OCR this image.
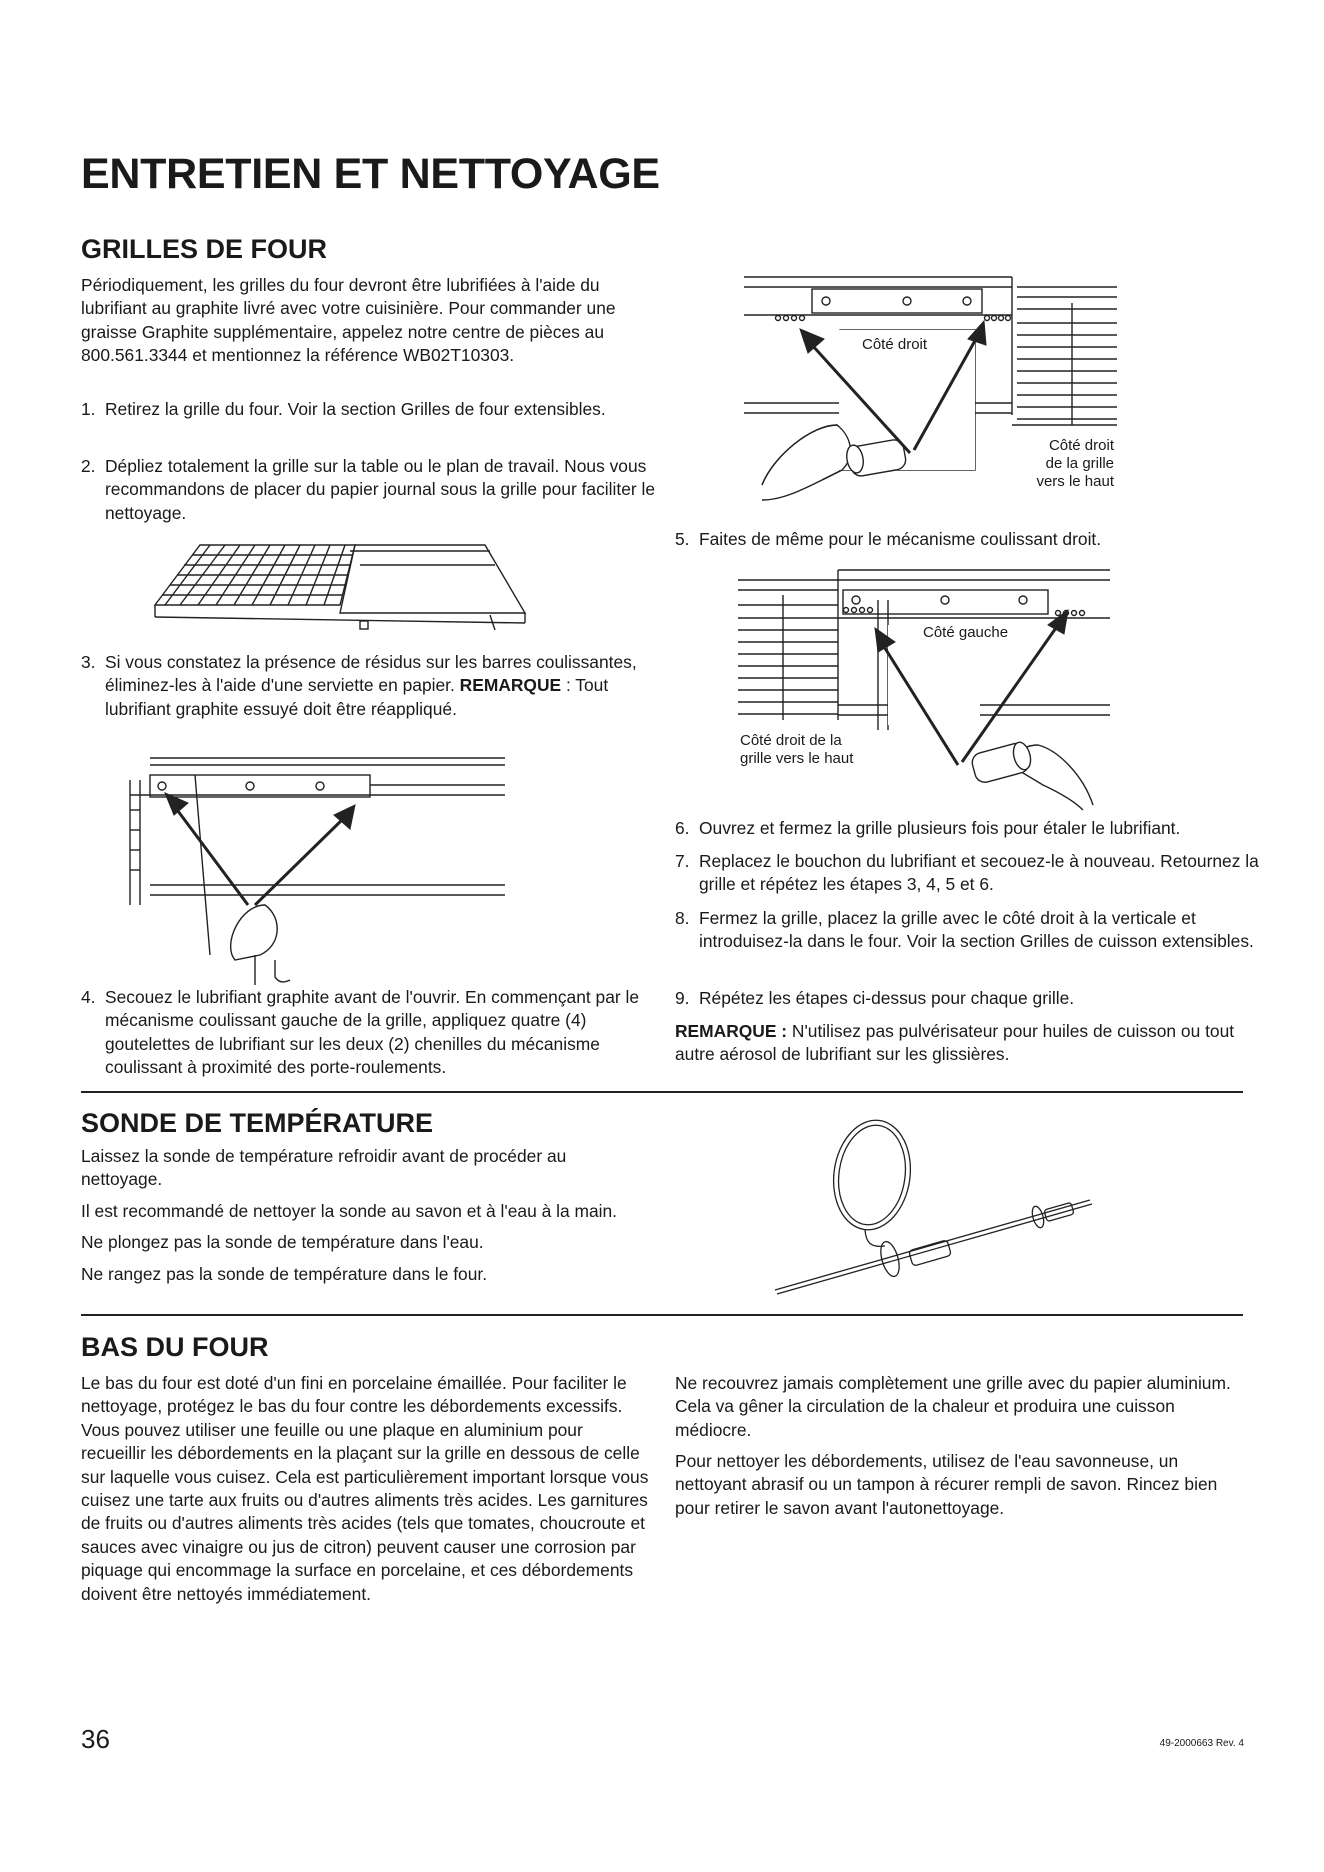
ENTRETIEN ET NETTOYAGE
GRILLES DE FOUR

Périodiquement, les grilles du four devront être lubrifiées à l'aide du lubrifiant au graphite livré avec votre cuisinière. Pour commander une graisse Graphite supplémentaire, appelez notre centre de pièces au 800.561.3344 et mentionnez la référence WB02T10303.

1. Retirez la grille du four. Voir la section Grilles de four extensibles.
2. Dépliez totalement la grille sur la table ou le plan de travail. Nous vous recommandons de placer du papier journal sous la grille pour faciliter le nettoyage.
3. Si vous constatez la présence de résidus sur les barres coulissantes, éliminez-les à l'aide d'une serviette en papier. REMARQUE : Tout lubrifiant graphite essuyé doit être réappliqué.
4. Secouez le lubrifiant graphite avant de l'ouvrir. En commençant par le mécanisme coulissant gauche de la grille, appliquez quatre (4) goutelettes de lubrifiant sur les deux (2) chenilles du mécanisme coulissant à proximité des porte-roulements.
Côté droit
Côté droit
de la grille
vers le haut
5. Faites de même pour le mécanisme coulissant droit.
Côté gauche
Côté droit de la
grille vers le haut
6. Ouvrez et fermez la grille plusieurs fois pour étaler le lubrifiant.
7. Replacez le bouchon du lubrifiant et secouez-le à nouveau. Retournez la grille et répétez les étapes 3, 4, 5 et 6.
8. Fermez la grille, placez la grille avec le côté droit à la verticale et introduisez-la dans le four. Voir la section Grilles de cuisson extensibles.
9. Répétez les étapes ci-dessus pour chaque grille.

REMARQUE : N'utilisez pas pulvérisateur pour huiles de cuisson ou tout autre aérosol de lubrifiant sur les glissières.

SONDE DE TEMPÉRATURE

Laissez la sonde de température refroidir avant de procéder au nettoyage.

Il est recommandé de nettoyer la sonde au savon et à l'eau à la main.

Ne plongez pas la sonde de température dans l'eau.

Ne rangez pas la sonde de température dans le four.

BAS DU FOUR

Le bas du four est doté d'un fini en porcelaine émaillée. Pour faciliter le nettoyage, protégez le bas du four contre les débordements excessifs. Vous pouvez utiliser une feuille ou une plaque en aluminium pour recueillir les débordements en la plaçant sur la grille en dessous de celle sur laquelle vous cuisez. Cela est particulièrement important lorsque vous cuisez une tarte aux fruits ou d'autres aliments très acides. Les garnitures de fruits ou d'autres aliments très acides (tels que tomates, choucroute et sauces avec vinaigre ou jus de citron) peuvent causer une corrosion par piquage qui encommage la surface en porcelaine, et ces débordements doivent être nettoyés immédiatement.

Ne recouvrez jamais complètement une grille avec du papier aluminium. Cela va gêner la circulation de la chaleur et produira une cuisson médiocre.

Pour nettoyer les débordements, utilisez de l'eau savonneuse, un nettoyant abrasif ou un tampon à récurer rempli de savon. Rincez bien pour retirer le savon avant l'autonettoyage.

36	49-2000663 Rev. 4
